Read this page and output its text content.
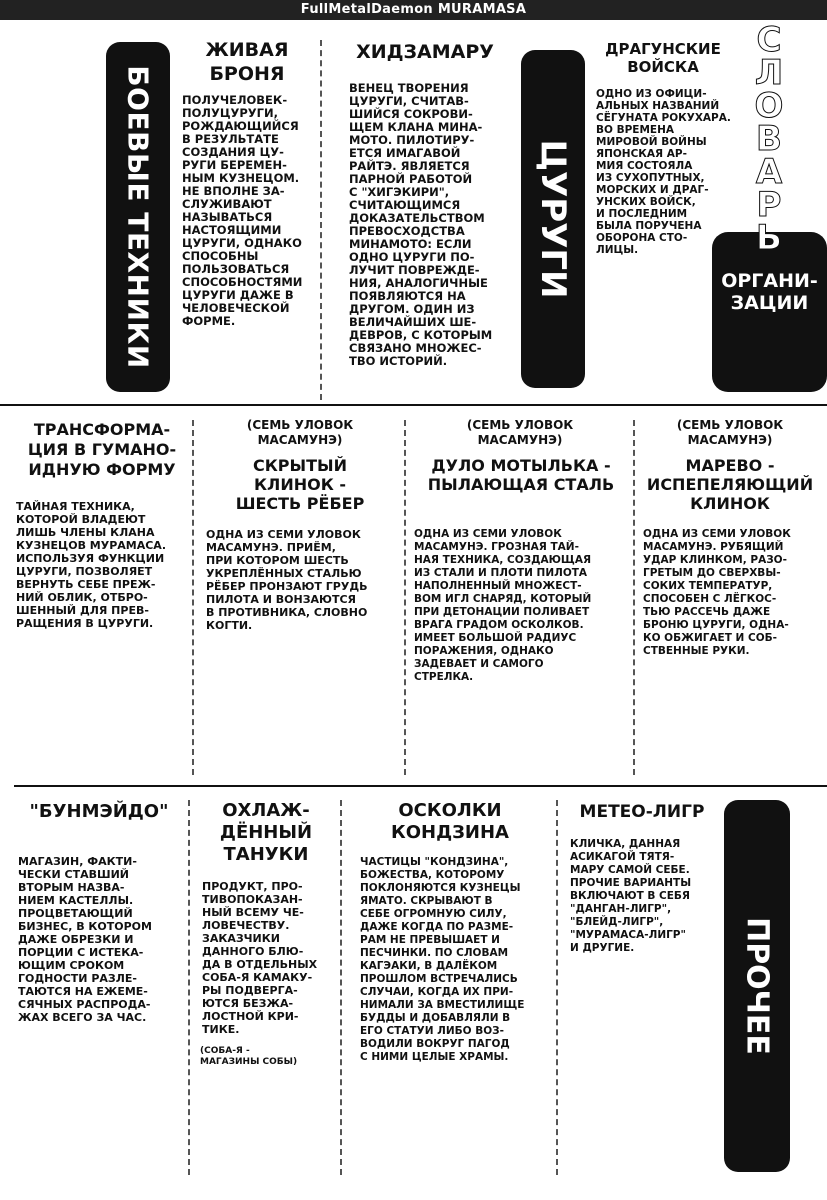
FullMetalDaemon MURAMASA
БОЕВЫЕ ТЕХНИКИ	ЦУРУГИ	ОРГАНИ-
ЗАЦИИ
ПРОЧЕЕ
С
Л
О
В
А
Р
Ь
ЖИВАЯ
БРОНЯ
ПОЛУЧЕЛОВЕК-
ПОЛУЦУРУГИ,
РОЖДАЮЩИЙСЯ
В РЕЗУЛЬТАТЕ
СОЗДАНИЯ ЦУ-
РУГИ БЕРЕМЕН-
НЫМ КУЗНЕЦОМ.
НЕ ВПОЛНЕ ЗА-
СЛУЖИВАЮТ
НАЗЫВАТЬСЯ
НАСТОЯЩИМИ
ЦУРУГИ, ОДНАКО
СПОСОБНЫ
ПОЛЬЗОВАТЬСЯ
СПОСОБНОСТЯМИ
ЦУРУГИ ДАЖЕ В
ЧЕЛОВЕЧЕСКОЙ
ФОРМЕ.
ХИДЗАМАРУ
ВЕНЕЦ ТВОРЕНИЯ
ЦУРУГИ, СЧИТАВ-
ШИЙСЯ СОКРОВИ-
ЩЕМ КЛАНА МИНА-
МОТО. ПИЛОТИРУ-
ЕТСЯ ИМАГАВОЙ
РАЙТЭ. ЯВЛЯЕТСЯ
ПАРНОЙ РАБОТОЙ
С "ХИГЭКИРИ",
СЧИТАЮЩИМСЯ
ДОКАЗАТЕЛЬСТВОМ
ПРЕВОСХОДСТВА
МИНАМОТО: ЕСЛИ
ОДНО ЦУРУГИ ПО-
ЛУЧИТ ПОВРЕЖДЕ-
НИЯ, АНАЛОГИЧНЫЕ
ПОЯВЛЯЮТСЯ НА
ДРУГОМ. ОДИН ИЗ
ВЕЛИЧАЙШИХ ШЕ-
ДЕВРОВ, С КОТОРЫМ
СВЯЗАНО МНОЖЕС-
ТВО ИСТОРИЙ.
ДРАГУНСКИЕ
ВОЙСКА
ОДНО ИЗ ОФИЦИ-
АЛЬНЫХ НАЗВАНИЙ
СЁГУНАТА РОКУХАРА.
ВО ВРЕМЕНА
МИРОВОЙ ВОЙНЫ
ЯПОНСКАЯ АР-
МИЯ СОСТОЯЛА
ИЗ СУХОПУТНЫХ,
МОРСКИХ И ДРАГ-
УНСКИХ ВОЙСК,
И ПОСЛЕДНИМ
БЫЛА ПОРУЧЕНА
ОБОРОНА СТО-
ЛИЦЫ.
ТРАНСФОРМА-
ЦИЯ В ГУМАНО-
ИДНУЮ ФОРМУ
ТАЙНАЯ ТЕХНИКА,
КОТОРОЙ ВЛАДЕЮТ
ЛИШЬ ЧЛЕНЫ КЛАНА
КУЗНЕЦОВ МУРАМАСА.
ИСПОЛЬЗУЯ ФУНКЦИИ
ЦУРУГИ, ПОЗВОЛЯЕТ
ВЕРНУТЬ СЕБЕ ПРЕЖ-
НИЙ ОБЛИК, ОТБРО-
ШЕННЫЙ ДЛЯ ПРЕВ-
РАЩЕНИЯ В ЦУРУГИ.
(СЕМЬ УЛОВОК
МАСАМУНЭ)
СКРЫТЫЙ
КЛИНОК -
ШЕСТЬ РЁБЕР
ОДНА ИЗ СЕМИ УЛОВОК
МАСАМУНЭ. ПРИЁМ,
ПРИ КОТОРОМ ШЕСТЬ
УКРЕПЛЁННЫХ СТАЛЬЮ
РЁБЕР ПРОНЗАЮТ ГРУДЬ
ПИЛОТА И ВОНЗАЮТСЯ
В ПРОТИВНИКА, СЛОВНО
КОГТИ.
(СЕМЬ УЛОВОК
МАСАМУНЭ)
ДУЛО МОТЫЛЬКА -
ПЫЛАЮЩАЯ СТАЛЬ
ОДНА ИЗ СЕМИ УЛОВОК
МАСАМУНЭ. ГРОЗНАЯ ТАЙ-
НАЯ ТЕХНИКА, СОЗДАЮЩАЯ
ИЗ СТАЛИ И ПЛОТИ ПИЛОТА
НАПОЛНЕННЫЙ МНОЖЕСТ-
ВОМ ИГЛ СНАРЯД, КОТОРЫЙ
ПРИ ДЕТОНАЦИИ ПОЛИВАЕТ
ВРАГА ГРАДОМ ОСКОЛКОВ.
ИМЕЕТ БОЛЬШОЙ РАДИУС
ПОРАЖЕНИЯ, ОДНАКО
ЗАДЕВАЕТ И САМОГО
СТРЕЛКА.
(СЕМЬ УЛОВОК
МАСАМУНЭ)
МАРЕВО -
ИСПЕПЕЛЯЮЩИЙ
КЛИНОК
ОДНА ИЗ СЕМИ УЛОВОК
МАСАМУНЭ. РУБЯЩИЙ
УДАР КЛИНКОМ, РАЗО-
ГРЕТЫМ ДО СВЕРХВЫ-
СОКИХ ТЕМПЕРАТУР,
СПОСОБЕН С ЛЁГКОС-
ТЬЮ РАССЕЧЬ ДАЖЕ
БРОНЮ ЦУРУГИ, ОДНА-
КО ОБЖИГАЕТ И СОБ-
СТВЕННЫЕ РУКИ.
"БУНМЭЙДО"
МАГАЗИН, ФАКТИ-
ЧЕСКИ СТАВШИЙ
ВТОРЫМ НАЗВА-
НИЕМ КАСТЕЛЛЫ.
ПРОЦВЕТАЮЩИЙ
БИЗНЕС, В КОТОРОМ
ДАЖЕ ОБРЕЗКИ И
ПОРЦИИ С ИСТЕКА-
ЮЩИМ СРОКОМ
ГОДНОСТИ РАЗЛЕ-
ТАЮТСЯ НА ЕЖЕМЕ-
СЯЧНЫХ РАСПРОДА-
ЖАХ ВСЕГО ЗА ЧАС.
ОХЛАЖ-
ДЁННЫЙ
ТАНУКИ
ПРОДУКТ, ПРО-
ТИВОПОКАЗАН-
НЫЙ ВСЕМУ ЧЕ-
ЛОВЕЧЕСТВУ.
ЗАКАЗЧИКИ
ДАННОГО БЛЮ-
ДА В ОТДЕЛЬНЫХ
СОБА-Я КАМАКУ-
РЫ ПОДВЕРГА-
ЮТСЯ БЕЗЖА-
ЛОСТНОЙ КРИ-
ТИКЕ.
(СОБА-Я -
МАГАЗИНЫ СОБЫ)
ОСКОЛКИ
КОНДЗИНА
ЧАСТИЦЫ "КОНДЗИНА",
БОЖЕСТВА, КОТОРОМУ
ПОКЛОНЯЮТСЯ КУЗНЕЦЫ
ЯМАТО. СКРЫВАЮТ В
СЕБЕ ОГРОМНУЮ СИЛУ,
ДАЖЕ КОГДА ПО РАЗМЕ-
РАМ НЕ ПРЕВЫШАЕТ И
ПЕСЧИНКИ. ПО СЛОВАМ
КАГЭАКИ, В ДАЛЁКОМ
ПРОШЛОМ ВСТРЕЧАЛИСЬ
СЛУЧАИ, КОГДА ИХ ПРИ-
НИМАЛИ ЗА ВМЕСТИЛИЩЕ
БУДДЫ И ДОБАВЛЯЛИ В
ЕГО СТАТУИ ЛИБО ВОЗ-
ВОДИЛИ ВОКРУГ ПАГОД
С НИМИ ЦЕЛЫЕ ХРАМЫ.
МЕТЕО-ЛИГР
КЛИЧКА, ДАННАЯ
АСИКАГОЙ ТЯТЯ-
МАРУ САМОЙ СЕБЕ.
ПРОЧИЕ ВАРИАНТЫ
ВКЛЮЧАЮТ В СЕБЯ
"ДАНГАН-ЛИГР",
"БЛЕЙД-ЛИГР",
"МУРАМАСА-ЛИГР"
И ДРУГИЕ.
